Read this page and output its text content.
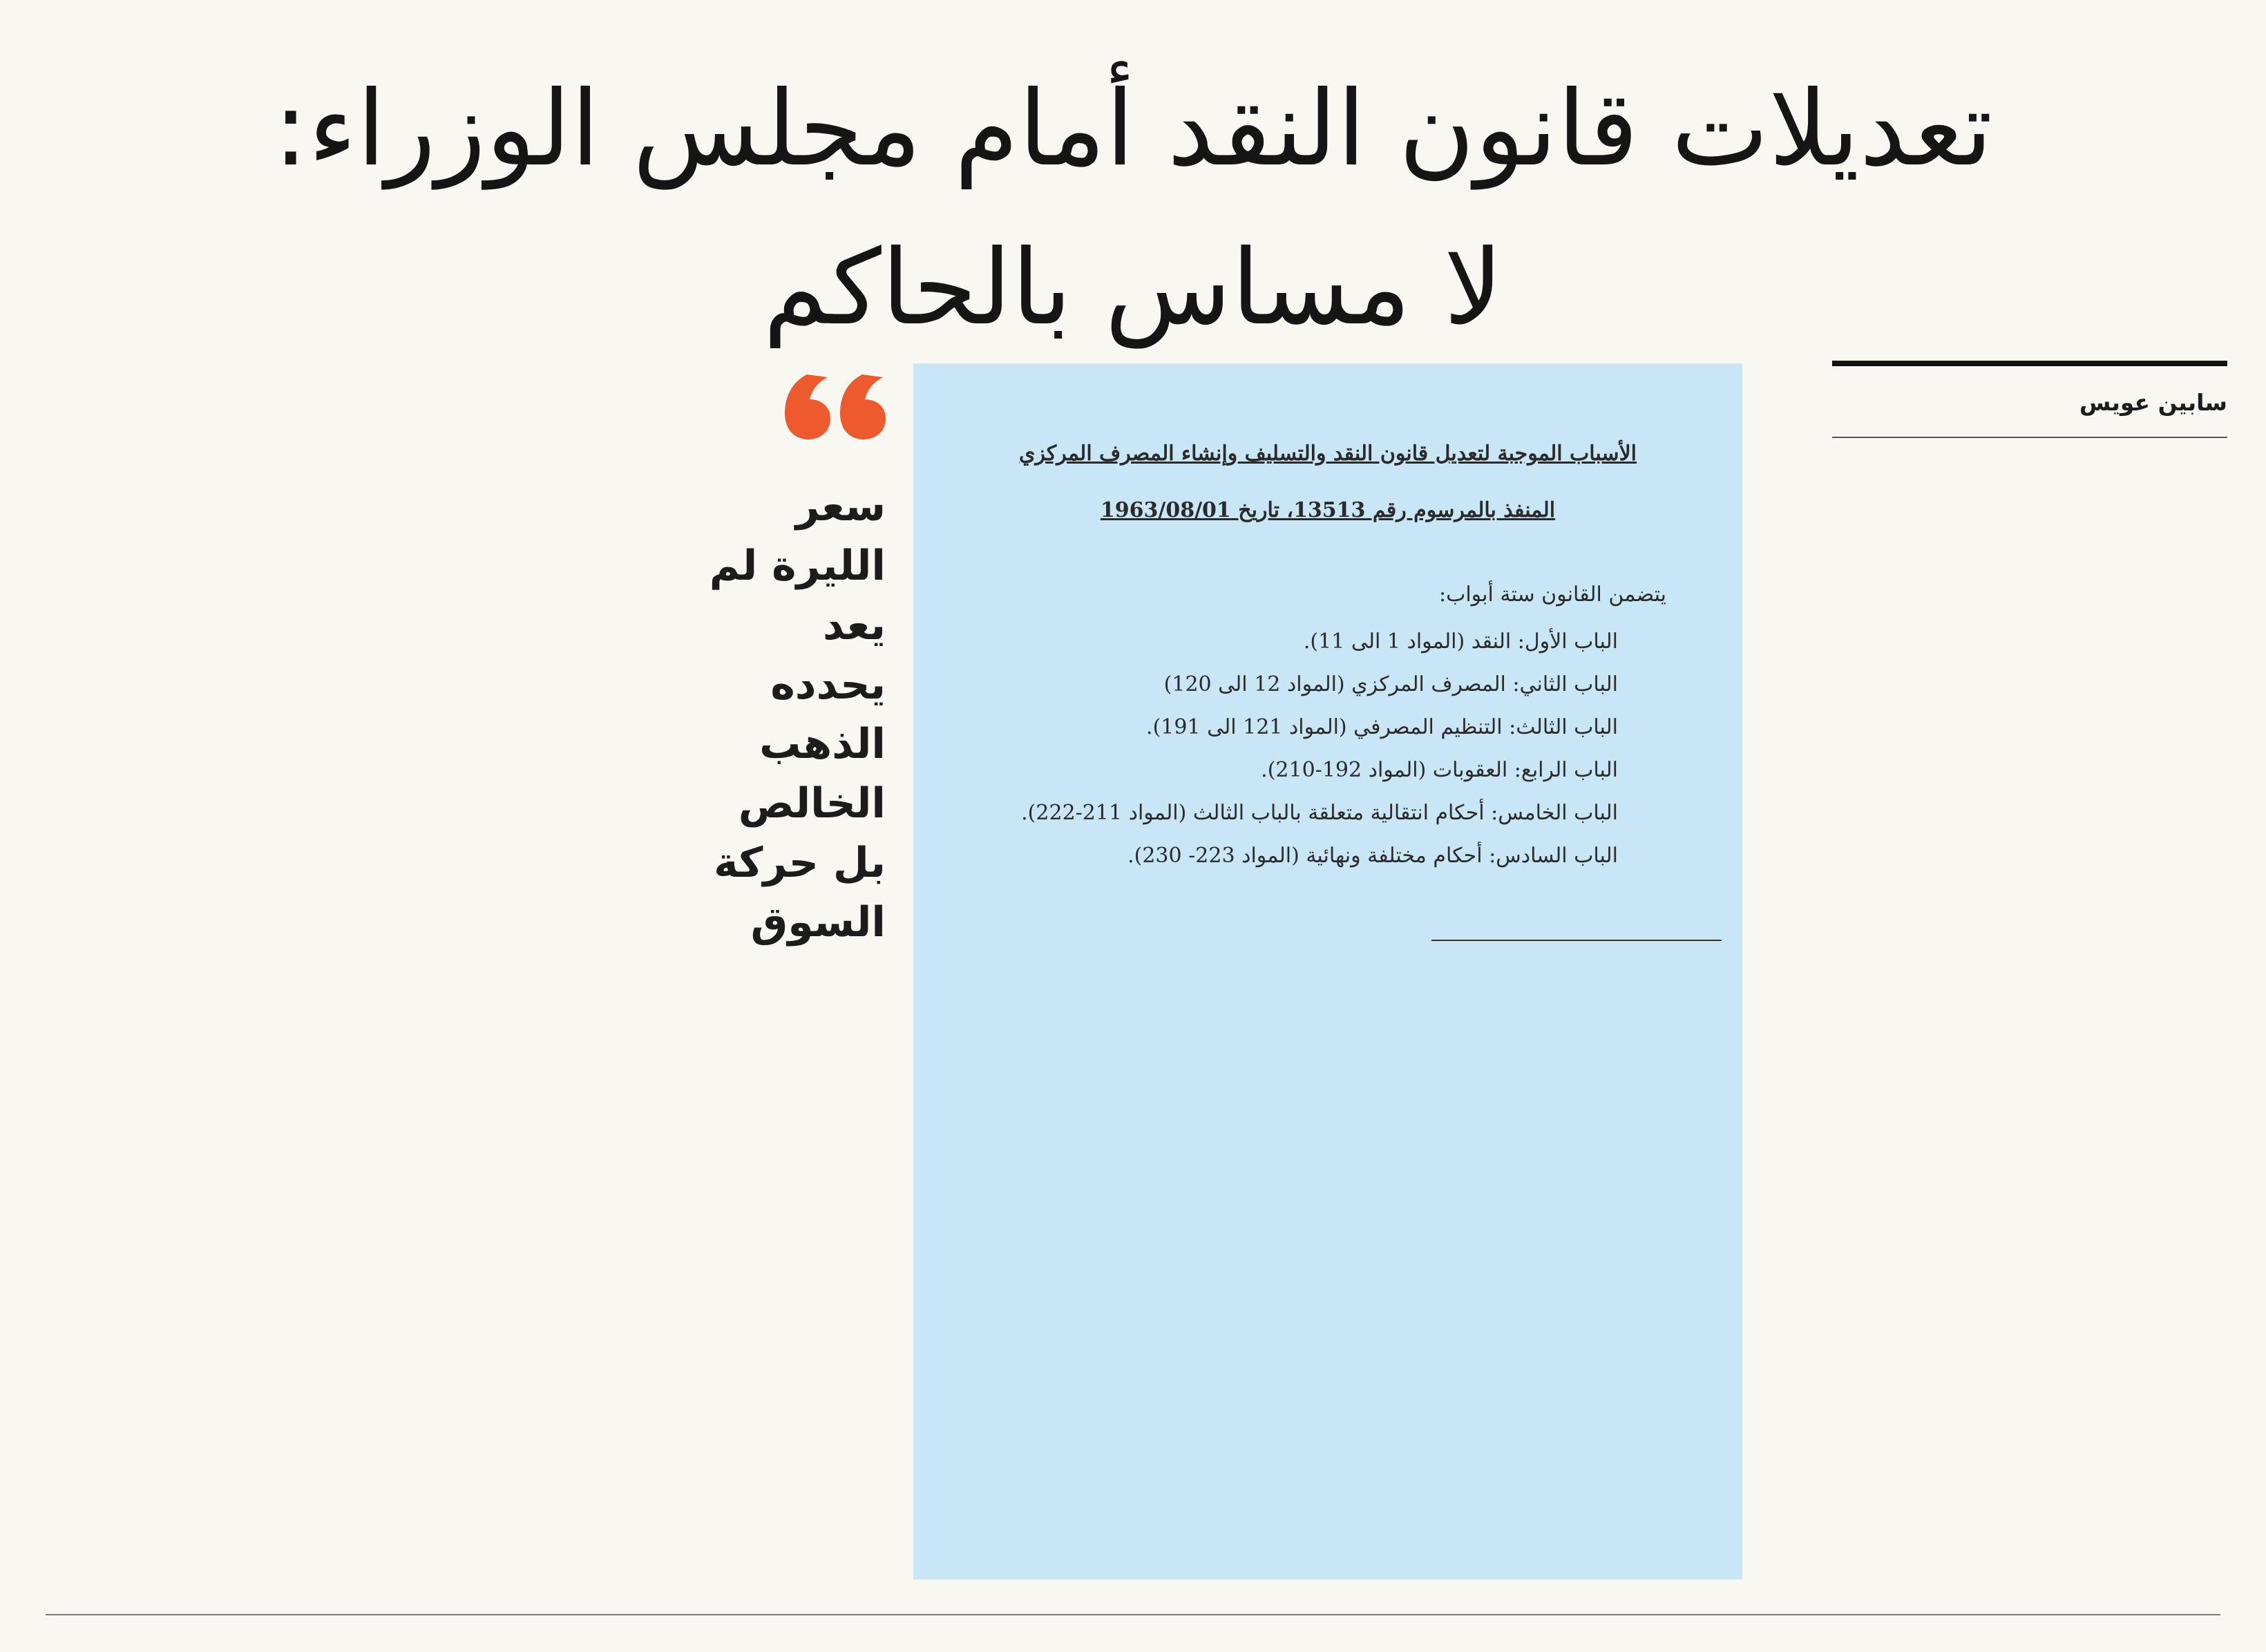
تعديلات قانون النقد أمام مجلس الوزراء:
لا مساس بالحاكم
سابين عويس

الأسباب الموجبة لتعديل قانون النقد والتسليف وإنشاء المصرف المركزي
المنفذ بالمرسوم رقم 13513، تاريخ 1963/08/01

يتضمن القانون ستة أبواب:

الباب الأول: النقد (المواد 1 الى 11).
الباب الثاني: المصرف المركزي (المواد 12 الى 120)
الباب الثالث: التنظيم المصرفي (المواد 121 الى 191).
الباب الرابع: العقوبات (المواد 192-210).
الباب الخامس: أحكام انتقالية متعلقة بالباب الثالث (المواد 211-222).
الباب السادس: أحكام مختلفة ونهائية (المواد 223- 230).

سعر الليرة لم يعد يحدده الذهب الخالص بل حركة السوق
